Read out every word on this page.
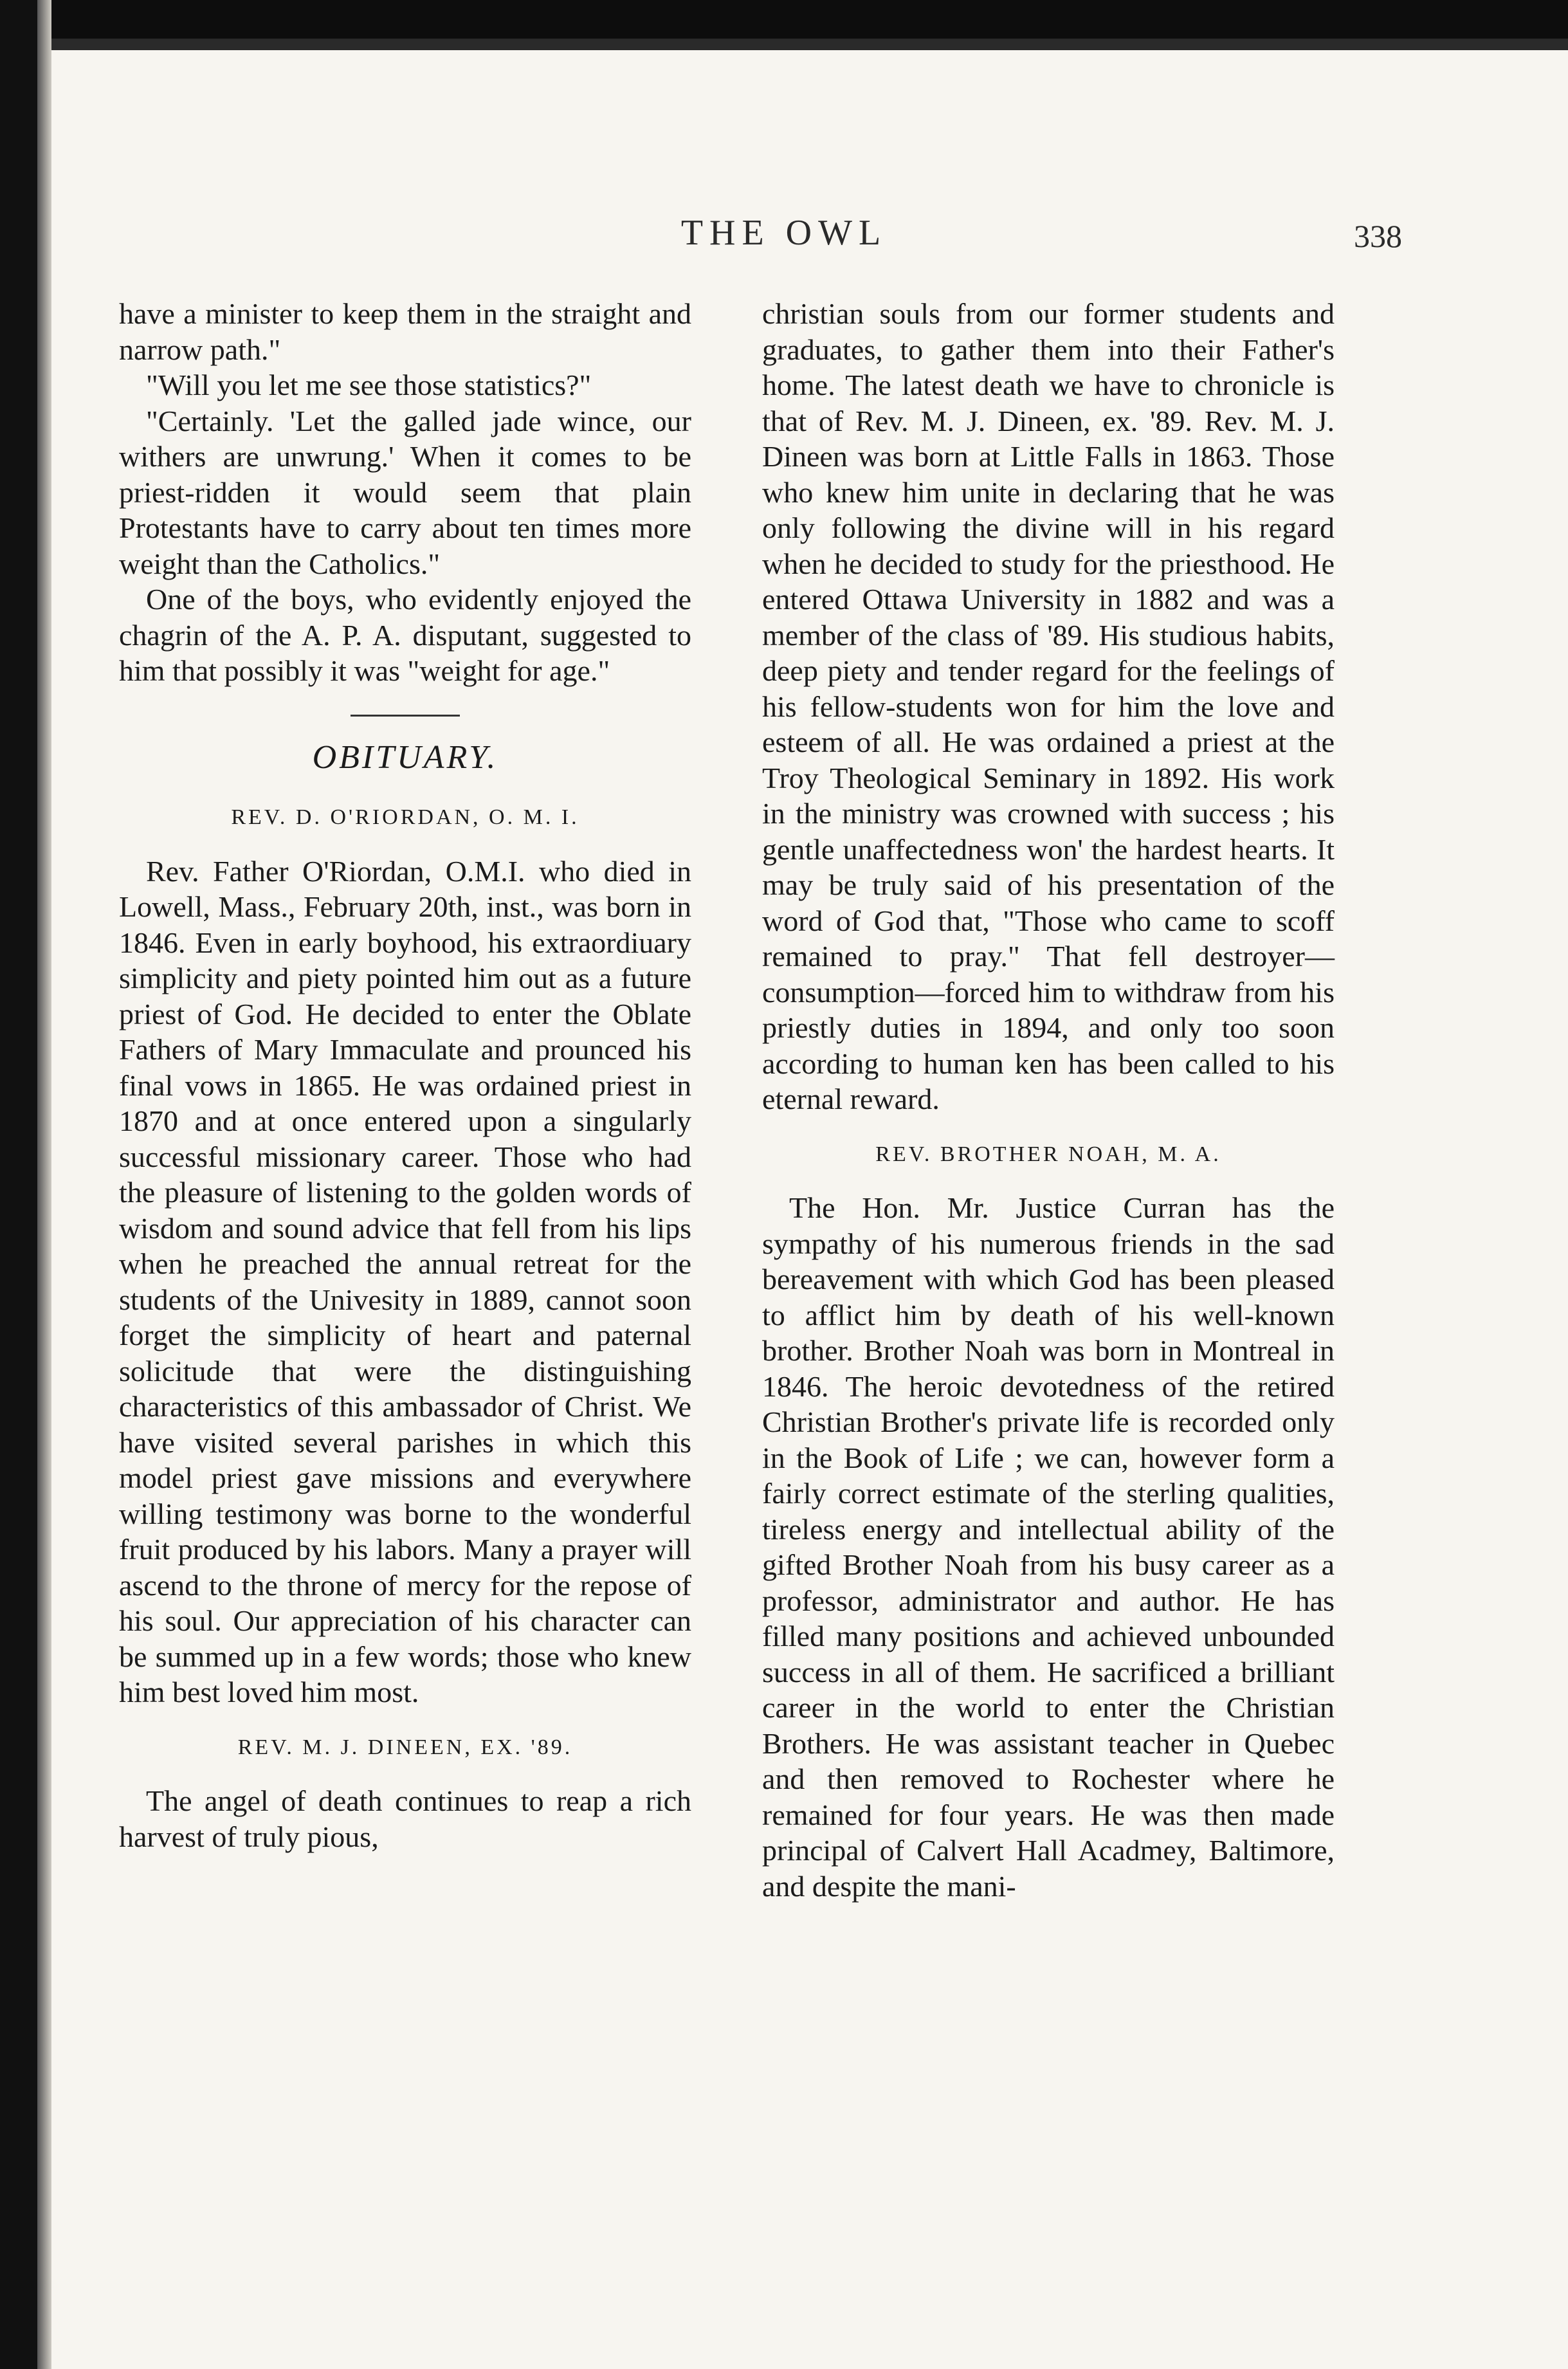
THE OWL	338

have a minister to keep them in the straight and narrow path."

"Will you let me see those statistics?"

"Certainly. 'Let the galled jade wince, our withers are unwrung.' When it comes to be priest-ridden it would seem that plain Protestants have to carry about ten times more weight than the Catholics."

One of the boys, who evidently enjoyed the chagrin of the A. P. A. disputant, suggested to him that possibly it was "weight for age."

OBITUARY.
REV. D. O'RIORDAN, O. M. I.

Rev. Father O'Riordan, O.M.I. who died in Lowell, Mass., February 20th, inst., was born in 1846. Even in early boyhood, his extraordiuary simplicity and piety pointed him out as a future priest of God. He decided to enter the Oblate Fathers of Mary Immaculate and prounced his final vows in 1865. He was ordained priest in 1870 and at once entered upon a singularly successful missionary career. Those who had the pleasure of listening to the golden words of wisdom and sound advice that fell from his lips when he preached the annual retreat for the students of the Univesity in 1889, cannot soon forget the simplicity of heart and paternal solicitude that were the distinguishing characteristics of this ambassador of Christ. We have visited several parishes in which this model priest gave missions and everywhere willing testimony was borne to the wonderful fruit produced by his labors. Many a prayer will ascend to the throne of mercy for the repose of his soul. Our appreciation of his character can be summed up in a few words; those who knew him best loved him most.

REV. M. J. DINEEN, EX. '89.

The angel of death continues to reap a rich harvest of truly pious,

christian souls from our former students and graduates, to gather them into their Father's home. The latest death we have to chronicle is that of Rev. M. J. Dineen, ex. '89. Rev. M. J. Dineen was born at Little Falls in 1863. Those who knew him unite in declaring that he was only following the divine will in his regard when he decided to study for the priesthood. He entered Ottawa University in 1882 and was a member of the class of '89. His studious habits, deep piety and tender regard for the feelings of his fellow-students won for him the love and esteem of all. He was ordained a priest at the Troy Theological Seminary in 1892. His work in the ministry was crowned with success ; his gentle unaffectedness won' the hardest hearts. It may be truly said of his presentation of the word of God that, "Those who came to scoff remained to pray." That fell destroyer—consumption—forced him to withdraw from his priestly duties in 1894, and only too soon according to human ken has been called to his eternal reward.

REV. BROTHER NOAH, M. A.

The Hon. Mr. Justice Curran has the sympathy of his numerous friends in the sad bereavement with which God has been pleased to afflict him by death of his well-known brother. Brother Noah was born in Montreal in 1846. The heroic devotedness of the retired Christian Brother's private life is recorded only in the Book of Life ; we can, however form a fairly correct estimate of the sterling qualities, tireless energy and intellectual ability of the gifted Brother Noah from his busy career as a professor, administrator and author. He has filled many positions and achieved unbounded success in all of them. He sacrificed a brilliant career in the world to enter the Christian Brothers. He was assistant teacher in Quebec and then removed to Rochester where he remained for four years. He was then made principal of Calvert Hall Acadmey, Baltimore, and despite the mani-
